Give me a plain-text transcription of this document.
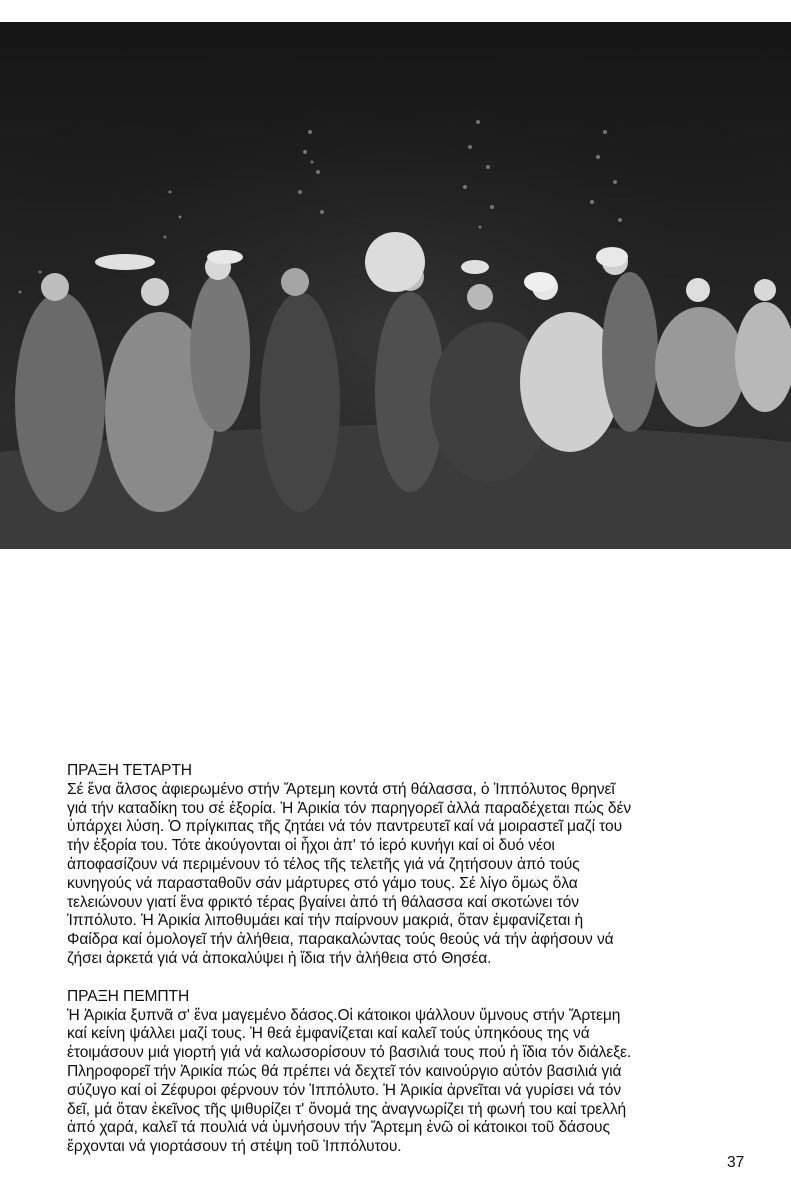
ΠΡΑΞΗ ΤΕΤΑΡΤΗ

Σέ ἕνα ἄλσος ἀφιερωμένο στήν Ἄρτεμη κοντά στή θάλασσα, ὁ Ἱππόλυτος θρηνεῖ
γιά τήν καταδίκη του σέ ἐξορία. Ἡ Ἀρικία τόν παρηγορεῖ ἀλλά παραδέχεται πώς δέν
ὑπάρχει λύση. Ὁ πρίγκιπας τῆς ζητάει νά τόν παντρευτεῖ καί νά μοιραστεῖ μαζί του
τήν ἐξορία του. Τότε ἀκούγονται οἱ ἦχοι ἀπ' τό ἱερό κυνήγι καί οἱ δυό νέοι
ἀποφασίζουν νά περιμένουν τό τέλος τῆς τελετῆς γιά νά ζητήσουν ἀπό τούς
κυνηγούς νά παρασταθοῦν σάν μάρτυρες στό γάμο τους. Σέ λίγο ὅμως ὅλα
τελειώνουν γιατί ἕνα φρικτό τέρας βγαίνει ἀπό τή θάλασσα καί σκοτώνει τόν
Ἱππόλυτο. Ἡ Ἀρικία λιποθυμάει καί τήν παίρνουν μακριά, ὅταν ἐμφανίζεται ἡ
Φαίδρα καί ὁμολογεῖ τήν ἀλήθεια, παρακαλώντας τούς θεούς νά τήν ἀφήσουν νά
ζήσει ἀρκετά γιά νά ἀποκαλύψει ἡ ἴδια τήν ἀλήθεια στό Θησέα.

ΠΡΑΞΗ ΠΕΜΠΤΗ

Ἡ Ἀρικία ξυπνᾶ σ' ἕνα μαγεμένο δάσος.Οἱ κάτοικοι ψάλλουν ὕμνους στήν Ἄρτεμη
καί κείνη ψάλλει μαζί τους. Ἡ θεά ἐμφανίζεται καί καλεῖ τούς ὑπηκόους της νά
ἑτοιμάσουν μιά γιορτή γιά νά καλωσορίσουν τό βασιλιά τους πού ἡ ἴδια τόν διάλεξε.
Πληροφορεῖ τήν Ἀρικία πώς θά πρέπει νά δεχτεῖ τόν καινούργιο αὐτόν βασιλιά γιά
σύζυγο καί οἱ Ζέφυροι φέρνουν τόν Ἱππόλυτο. Ἡ Ἀρικία ἀρνεῖται νά γυρίσει νά τόν
δεῖ, μά ὅταν ἐκεῖνος τῆς ψιθυρίζει τ' ὄνομά της ἀναγνωρίζει τή φωνή του καί τρελλή
ἀπό χαρά, καλεῖ τά πουλιά νά ὑμνήσουν τήν Ἄρτεμη ἐνῶ οἱ κάτοικοι τοῦ δάσους
ἔρχονται νά γιορτάσουν τή στέψη τοῦ Ἱππόλυτου.

37
